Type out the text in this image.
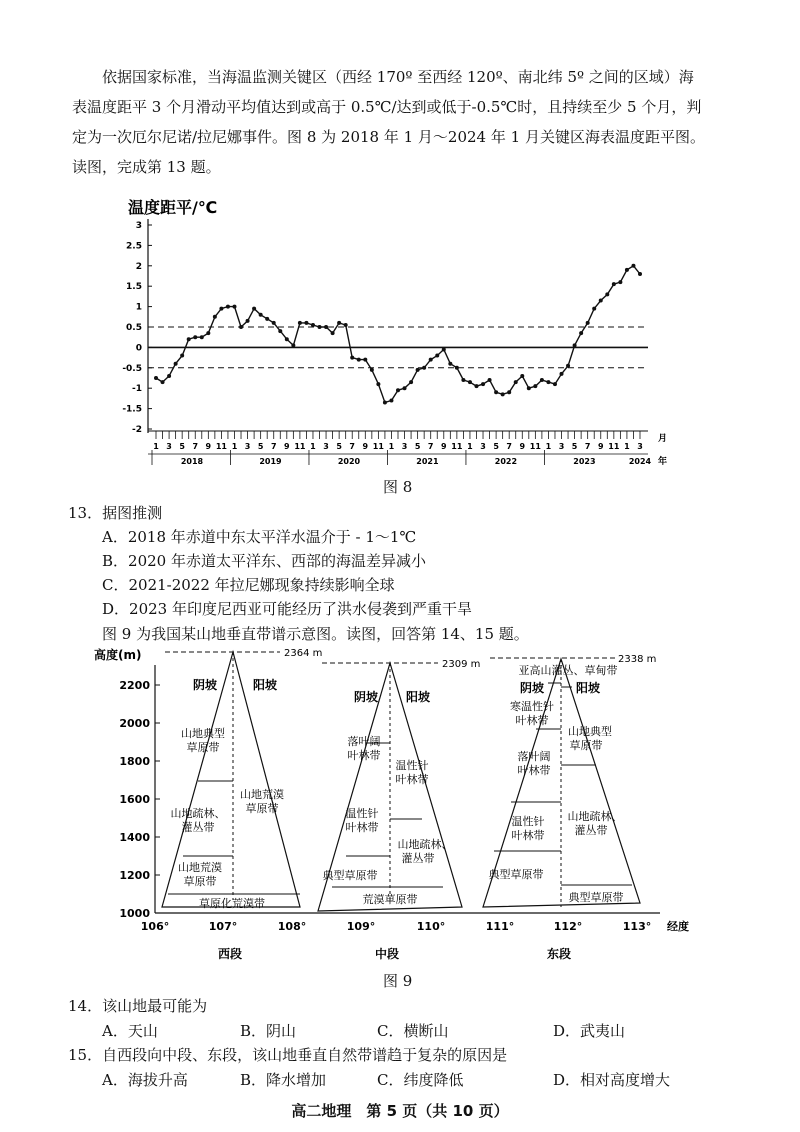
依据国家标准，当海温监测关键区（西经 170º 至西经 120º、南北纬 5º 之间的区域）海

表温度距平 3 个月滑动平均值达到或高于 0.5℃/达到或低于-0.5℃时，且持续至少 5 个月，判

定为一次厄尔尼诺/拉尼娜事件。图 8 为 2018 年 1 月～2024 年 1 月关键区海表温度距平图。

读图，完成第 13 题。

温度距平/℃
3
2.5
2
1.5
1
0.5
0
-0.5
-1
-1.5
-2
1 3 5 7 9 11 1 3 5 7 9 11 1 3 5 7 9 11 1 3 5 7 9 11 1 3 5 7 9 11 1 3 5 7 9 11 1 3
2018	2019	2020	2021	2022	2023	2024
月
年
图 8
13．据图推测
A．2018 年赤道中东太平洋水温介于 - 1～1℃
B．2020 年赤道太平洋东、西部的海温差异减小
C．2021-2022 年拉尼娜现象持续影响全球
D．2023 年印度尼西亚可能经历了洪水侵袭到严重干旱
图 9 为我国某山地垂直带谱示意图。读图，回答第 14、15 题。
高度(m)
2200
2000
1800
1600
1400
1200
1000
106°	107°	108°	109°	110°	111°	112°	113° 经度
2364 m
阴坡	阳坡
山地典型
草原带
山地疏林、
灌丛带
山地荒漠
草原带
山地荒漠
草原带
草原化荒漠带
西段
2309 m
阴坡 阳坡
落叶阔
叶林带
温性针
叶林带
典型草原带
温性针
叶林带
山地疏林、
灌丛带
荒漠草原带
中段
2338 m
亚高山灌丛、草甸带
阴坡	阳坡
寒温性针
叶林带
落叶阔
叶林带
温性针
叶林带
典型草原带
山地典型
草原带
山地疏林、
灌丛带
典型草原带
东段
图 9
14．该山地最可能为
A．天山	B．阴山	C．横断山	D．武夷山
15．自西段向中段、东段，该山地垂直自然带谱趋于复杂的原因是
A．海拔升高	B．降水增加	C．纬度降低	D．相对高度增大
高二地理　第 5 页（共 10 页）
